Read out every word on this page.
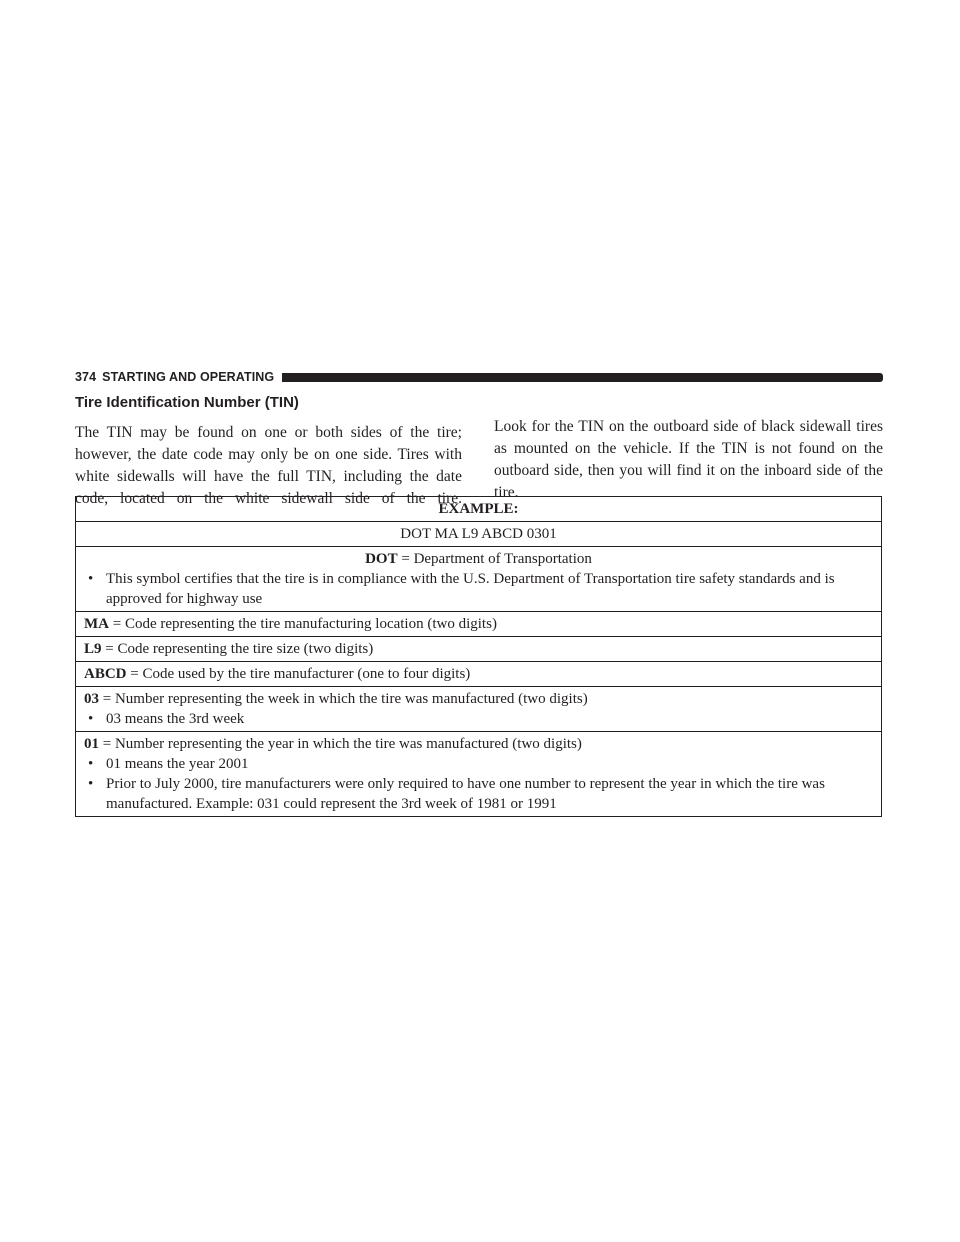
374 STARTING AND OPERATING
Tire Identification Number (TIN)

The TIN may be found on one or both sides of the tire; however, the date code may only be on one side. Tires with white sidewalls will have the full TIN, including the date code, located on the white sidewall side of the tire.

Look for the TIN on the outboard side of black sidewall tires as mounted on the vehicle. If the TIN is not found on the outboard side, then you will find it on the inboard side of the tire.

EXAMPLE:
DOT MA L9 ABCD 0301

DOT = Department of Transportation
• This symbol certifies that the tire is in compliance with the U.S. Department of Transportation tire safety standards and is approved for highway use

MA = Code representing the tire manufacturing location (two digits)
L9 = Code representing the tire size (two digits)
ABCD = Code used by the tire manufacturer (one to four digits)

03 = Number representing the week in which the tire was manufactured (two digits)
• 03 means the 3rd week

01 = Number representing the year in which the tire was manufactured (two digits)
• 01 means the year 2001
• Prior to July 2000, tire manufacturers were only required to have one number to represent the year in which the tire was manufactured. Example: 031 could represent the 3rd week of 1981 or 1991
